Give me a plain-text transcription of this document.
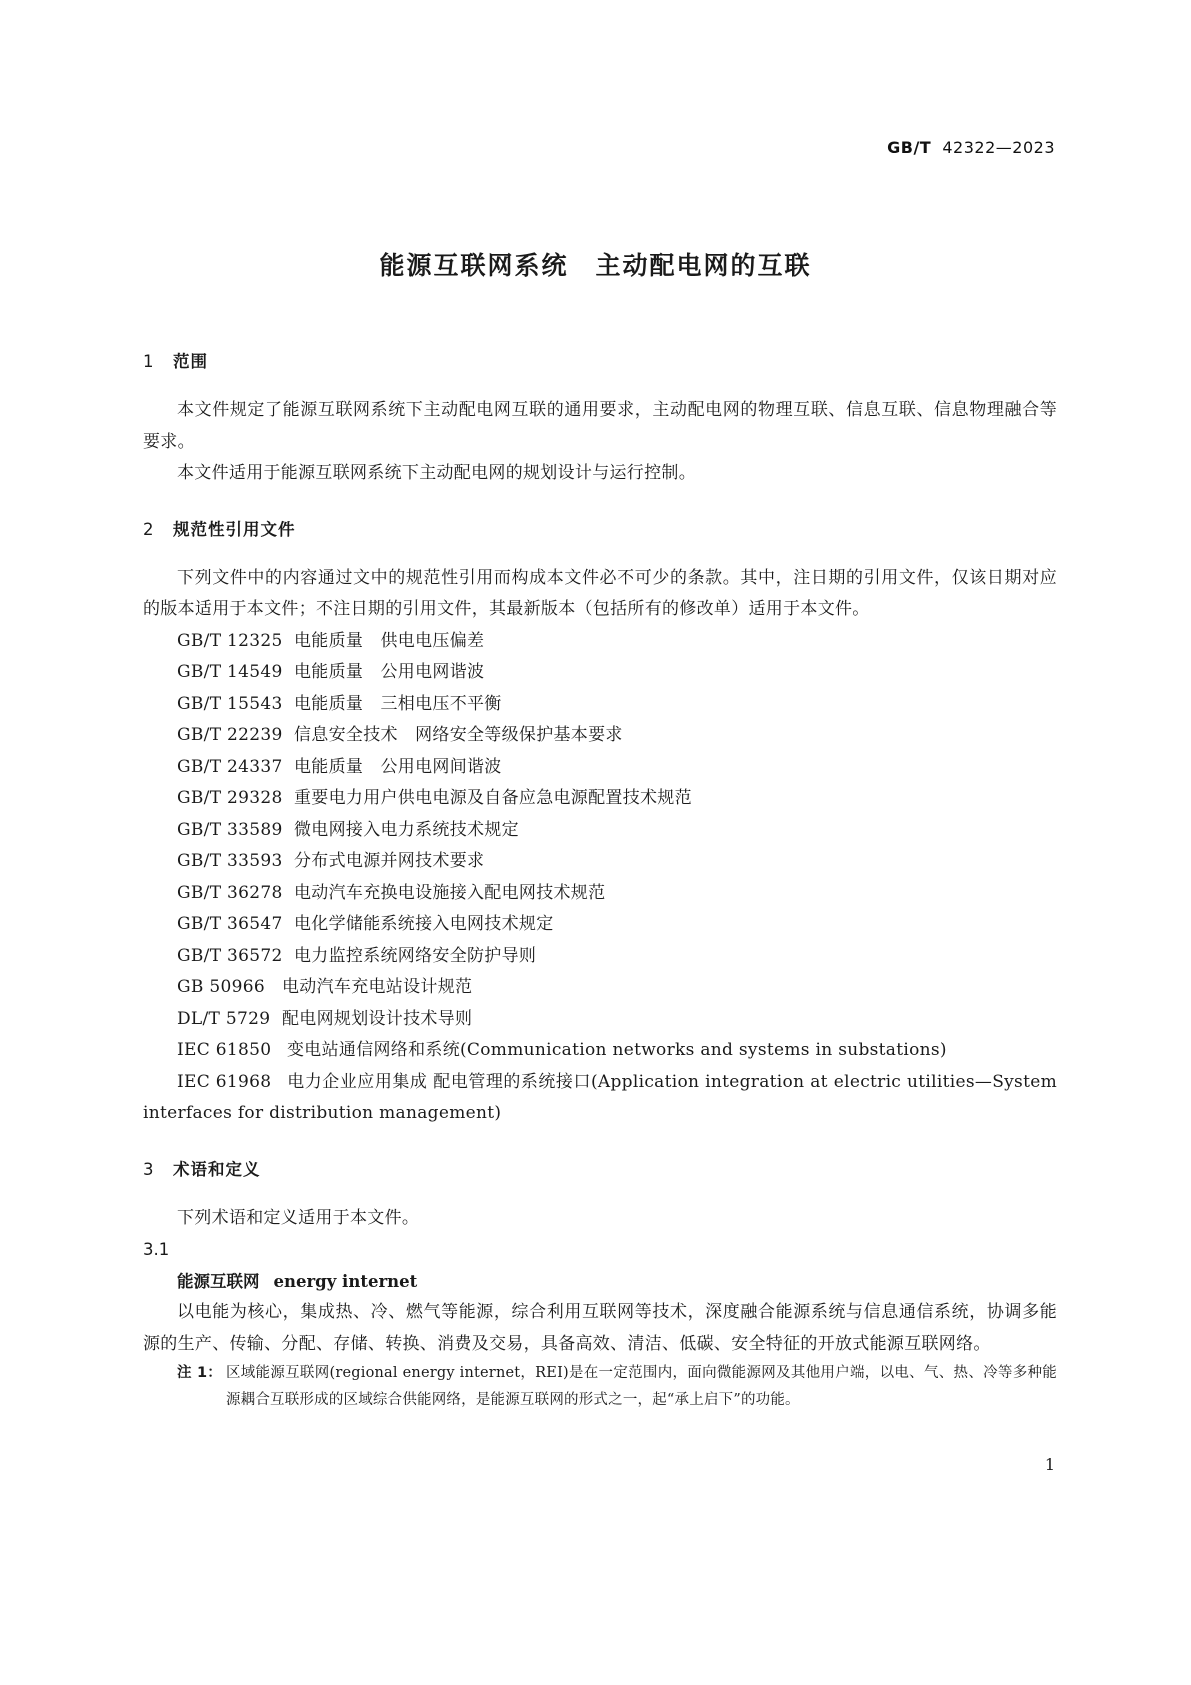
GB/T 42322—2023
能源互联网系统　主动配电网的互联
1 范围
本文件规定了能源互联网系统下主动配电网互联的通用要求，主动配电网的物理互联、信息互联、信息物理融合等要求。
本文件适用于能源互联网系统下主动配电网的规划设计与运行控制。
2 规范性引用文件
下列文件中的内容通过文中的规范性引用而构成本文件必不可少的条款。其中，注日期的引用文件，仅该日期对应的版本适用于本文件；不注日期的引用文件，其最新版本（包括所有的修改单）适用于本文件。
GB/T 12325 电能质量　供电电压偏差
GB/T 14549 电能质量　公用电网谐波
GB/T 15543 电能质量　三相电压不平衡
GB/T 22239 信息安全技术　网络安全等级保护基本要求
GB/T 24337 电能质量　公用电网间谐波
GB/T 29328 重要电力用户供电电源及自备应急电源配置技术规范
GB/T 33589 微电网接入电力系统技术规定
GB/T 33593 分布式电源并网技术要求
GB/T 36278 电动汽车充换电设施接入配电网技术规范
GB/T 36547 电化学储能系统接入电网技术规定
GB/T 36572 电力监控系统网络安全防护导则
GB 50966 电动汽车充电站设计规范
DL/T 5729 配电网规划设计技术导则
IEC 61850 变电站通信网络和系统(Communication networks and systems in substations)
IEC 61968 电力企业应用集成 配电管理的系统接口(Application integration at electric utilities—System interfaces for distribution management)
3 术语和定义
下列术语和定义适用于本文件。
3.1
能源互联网 energy internet
以电能为核心，集成热、冷、燃气等能源，综合利用互联网等技术，深度融合能源系统与信息通信系统，协调多能源的生产、传输、分配、存储、转换、消费及交易，具备高效、清洁、低碳、安全特征的开放式能源互联网络。
注 1： 区域能源互联网(regional energy internet，REI)是在一定范围内，面向微能源网及其他用户端，以电、气、热、冷等多种能源耦合互联形成的区域综合供能网络，是能源互联网的形式之一，起“承上启下”的功能。
1
